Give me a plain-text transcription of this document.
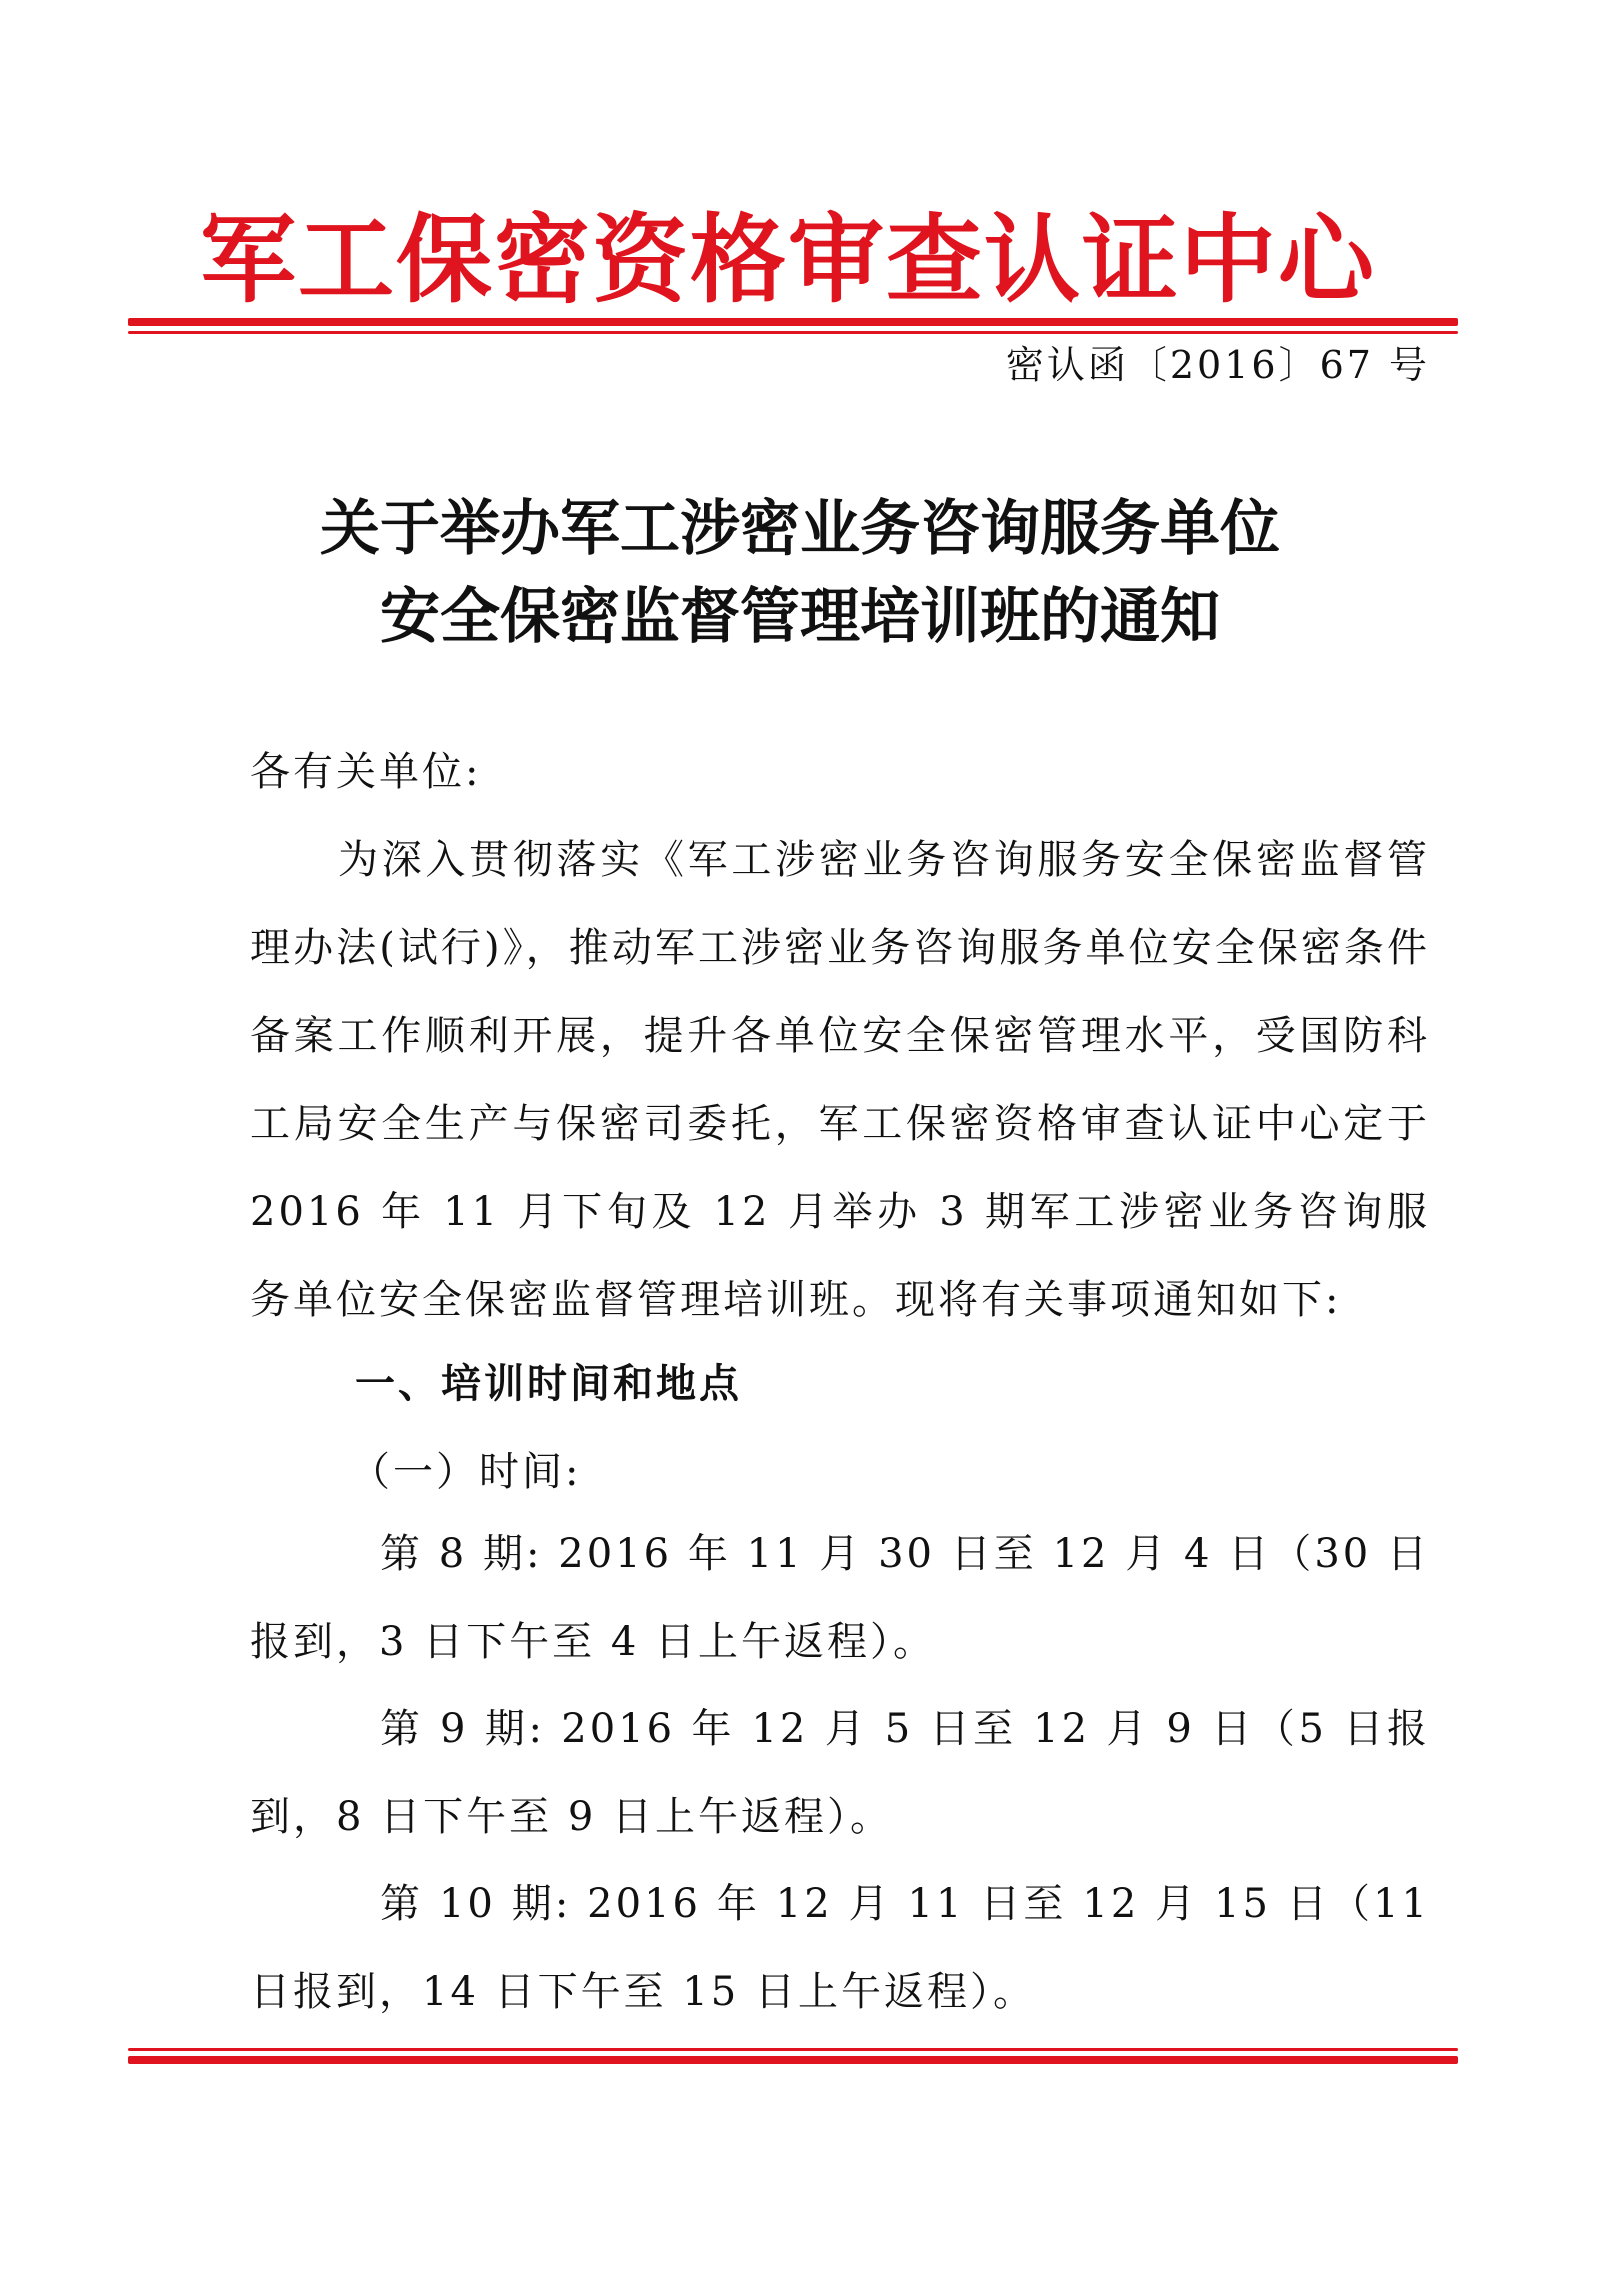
军工保密资格审查认证中心
密认函〔2016〕67 号
关于举办军工涉密业务咨询服务单位
安全保密监督管理培训班的通知
各有关单位:
为深入贯彻落实《军工涉密业务咨询服务安全保密监督管理办法(试行)》，推动军工涉密业务咨询服务单位安全保密条件备案工作顺利开展，提升各单位安全保密管理水平，受国防科工局安全生产与保密司委托，军工保密资格审查认证中心定于 2016 年 11 月下旬及 12 月举办 3 期军工涉密业务咨询服务单位安全保密监督管理培训班。现将有关事项通知如下:
一、培训时间和地点
（一）时间:
第 8 期: 2016 年 11 月 30 日至 12 月 4 日（30 日报到，3 日下午至 4 日上午返程）。
第 9 期: 2016 年 12 月 5 日至 12 月 9 日（5 日报到，8 日下午至 9 日上午返程）。
第 10 期: 2016 年 12 月 11 日至 12 月 15 日（11 日报到，14 日下午至 15 日上午返程）。
